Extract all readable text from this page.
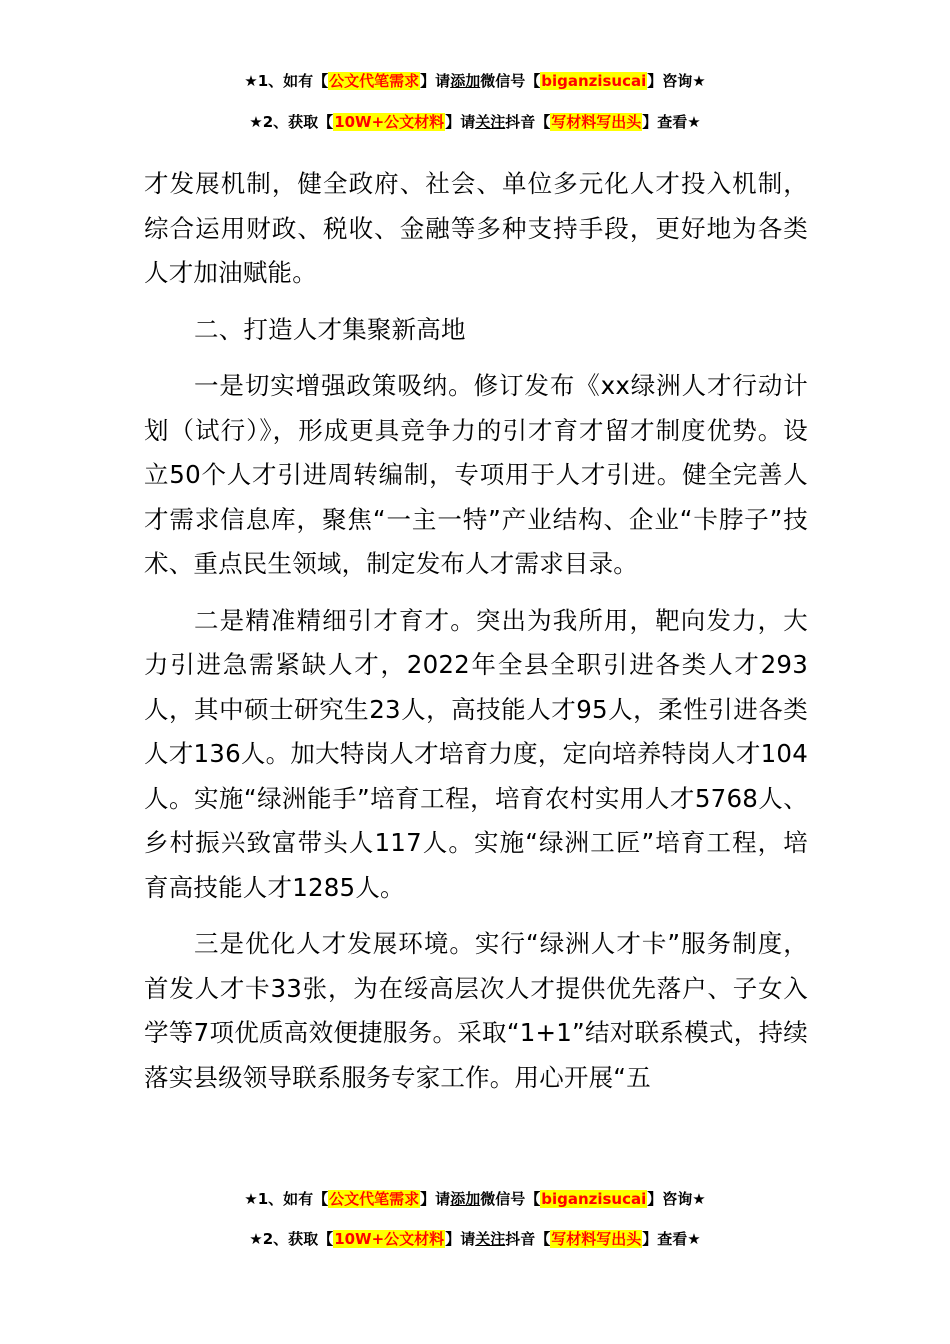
★1、如有【公文代笔需求】请添加微信号【biganzisucai】咨询★
★2、获取【10W+公文材料】请关注抖音【写材料写出头】查看★

才发展机制，健全政府、社会、单位多元化人才投入机制，综合运用财政、税收、金融等多种支持手段，更好地为各类人才加油赋能。

二、打造人才集聚新高地

一是切实增强政策吸纳。修订发布《xx绿洲人才行动计划（试行）》，形成更具竞争力的引才育才留才制度优势。设立50个人才引进周转编制，专项用于人才引进。健全完善人才需求信息库，聚焦“一主一特”产业结构、企业“卡脖子”技术、重点民生领域，制定发布人才需求目录。

二是精准精细引才育才。突出为我所用，靶向发力，大力引进急需紧缺人才，2022年全县全职引进各类人才293人，其中硕士研究生23人，高技能人才95人，柔性引进各类人才136人。加大特岗人才培育力度，定向培养特岗人才104人。实施“绿洲能手”培育工程，培育农村实用人才5768人、乡村振兴致富带头人117人。实施“绿洲工匠”培育工程，培育高技能人才1285人。

三是优化人才发展环境。实行“绿洲人才卡”服务制度，首发人才卡33张，为在绥高层次人才提供优先落户、子女入学等7项优质高效便捷服务。采取“1+1”结对联系模式，持续落实县级领导联系服务专家工作。用心开展“五

★1、如有【公文代笔需求】请添加微信号【biganzisucai】咨询★
★2、获取【10W+公文材料】请关注抖音【写材料写出头】查看★
